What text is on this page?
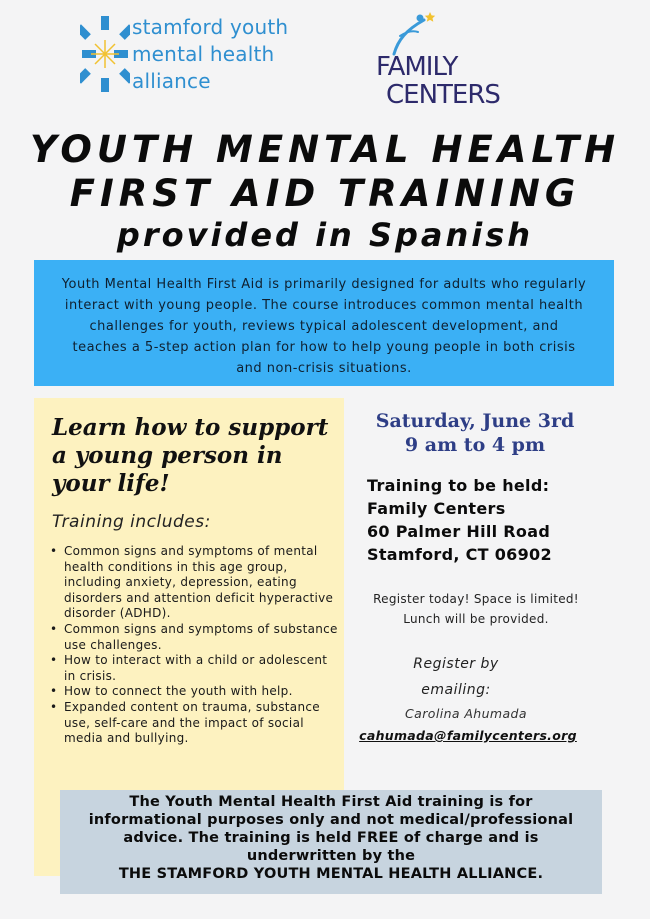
stamford youth
mental health
alliance	FAMILY
CENTERS
YOUTH MENTAL HEALTH
FIRST AID TRAINING
provided in Spanish
Youth Mental Health First Aid is primarily designed for adults who regularly interact with young people. The course introduces common mental health challenges for youth, reviews typical adolescent development, and teaches a 5-step action plan for how to help young people in both crisis and non-crisis situations.
Learn how to support a young person in your life!
Training includes:
• Common signs and symptoms of mental health conditions in this age group, including anxiety, depression, eating disorders and attention deficit hyperactive disorder (ADHD).
• Common signs and symptoms of substance use challenges.
• How to interact with a child or adolescent in crisis.
• How to connect the youth with help.
• Expanded content on trauma, substance use, self-care and the impact of social media and bullying.
Saturday, June 3rd
9 am to 4 pm
Training to be held:
Family Centers
60 Palmer Hill Road
Stamford, CT 06902
Register today! Space is limited!
Lunch will be provided.
Register by
emailing:
Carolina Ahumada
cahumada@familycenters.org
The Youth Mental Health First Aid training is for
informational purposes only and not medical/professional
advice. The training is held FREE of charge and is
underwritten by the
THE STAMFORD YOUTH MENTAL HEALTH ALLIANCE.
